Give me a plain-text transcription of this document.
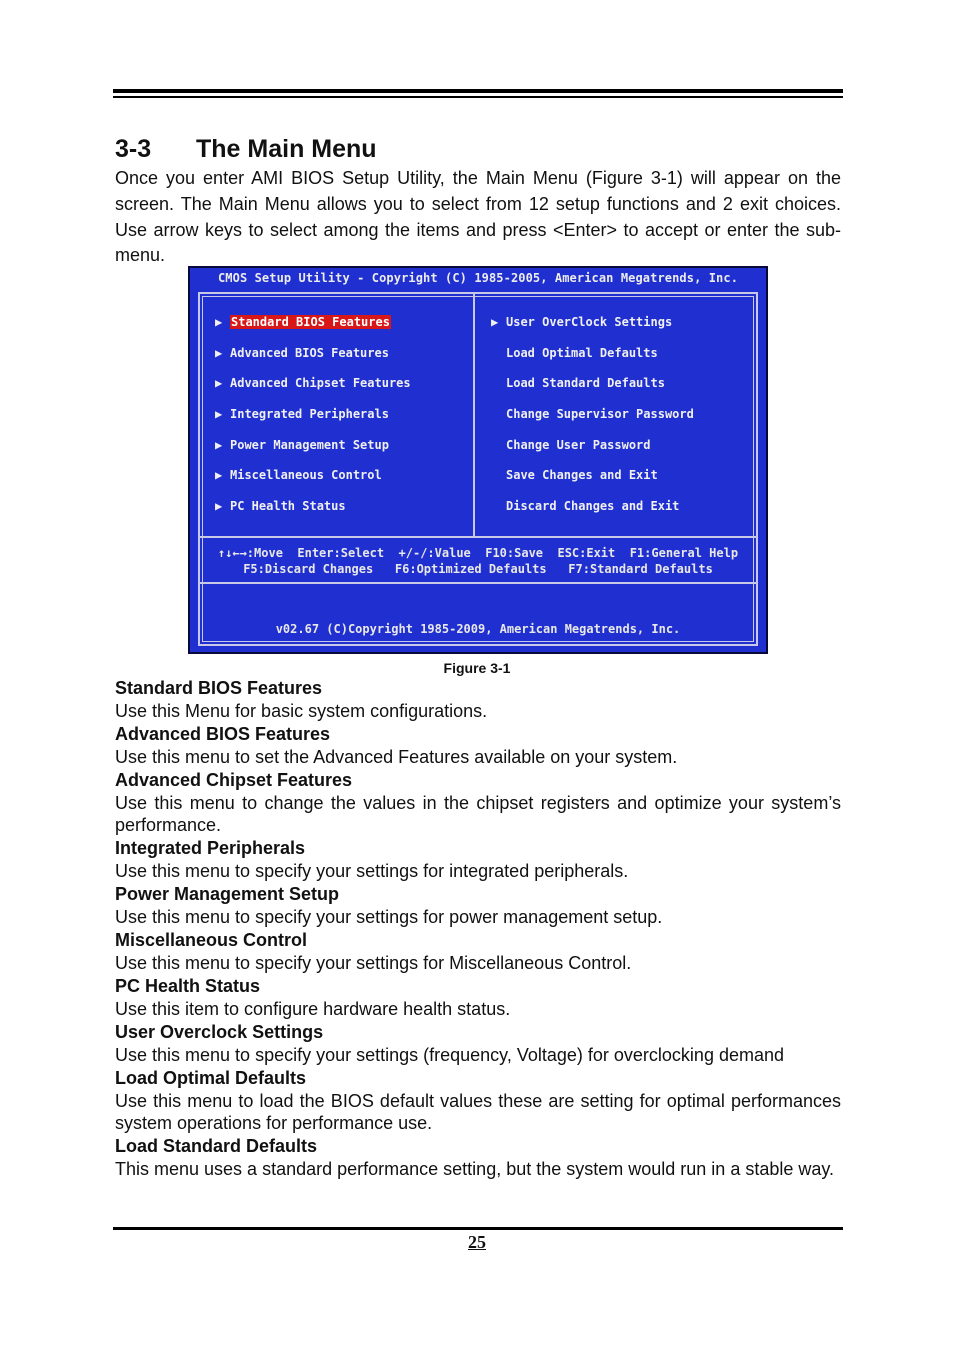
3-3 The Main Menu

Once you enter AMI BIOS Setup Utility, the Main Menu (Figure 3-1) will appear on the screen. The Main Menu allows you to select from 12 setup functions and 2 exit choices. Use arrow keys to select among the items and press <Enter> to accept or enter the sub-menu.

CMOS Setup Utility - Copyright (C) 1985-2005, American Megatrends, Inc.
▶ Standard BIOS Features
▶ Advanced BIOS Features
▶ Advanced Chipset Features
▶ Integrated Peripherals
▶ Power Management Setup
▶ Miscellaneous Control
▶ PC Health Status
▶ User OverClock Settings
Load Optimal Defaults
Load Standard Defaults
Change Supervisor Password
Change User Password
Save Changes and Exit
Discard Changes and Exit
↑↓←→:Move  Enter:Select  +/-/:Value  F10:Save  ESC:Exit  F1:General Help
F5:Discard Changes   F6:Optimized Defaults   F7:Standard Defaults
v02.67 (C)Copyright 1985-2009, American Megatrends, Inc.
Figure 3-1

Standard BIOS Features

Use this Menu for basic system configurations.

Advanced BIOS Features

Use this menu to set the Advanced Features available on your system.

Advanced Chipset Features

Use this menu to change the values in the chipset registers and optimize your system’s performance.

Integrated Peripherals

Use this menu to specify your settings for integrated peripherals.

Power Management Setup

Use this menu to specify your settings for power management setup.

Miscellaneous Control

Use this menu to specify your settings for Miscellaneous Control.

PC Health Status

Use this item to configure hardware health status.

User Overclock Settings

Use this menu to specify your settings (frequency, Voltage) for overclocking demand

Load Optimal Defaults

Use this menu to load the BIOS default values these are setting for optimal performances system operations for performance use.

Load Standard Defaults

This menu uses a standard performance setting, but the system would run in a stable way.

25
